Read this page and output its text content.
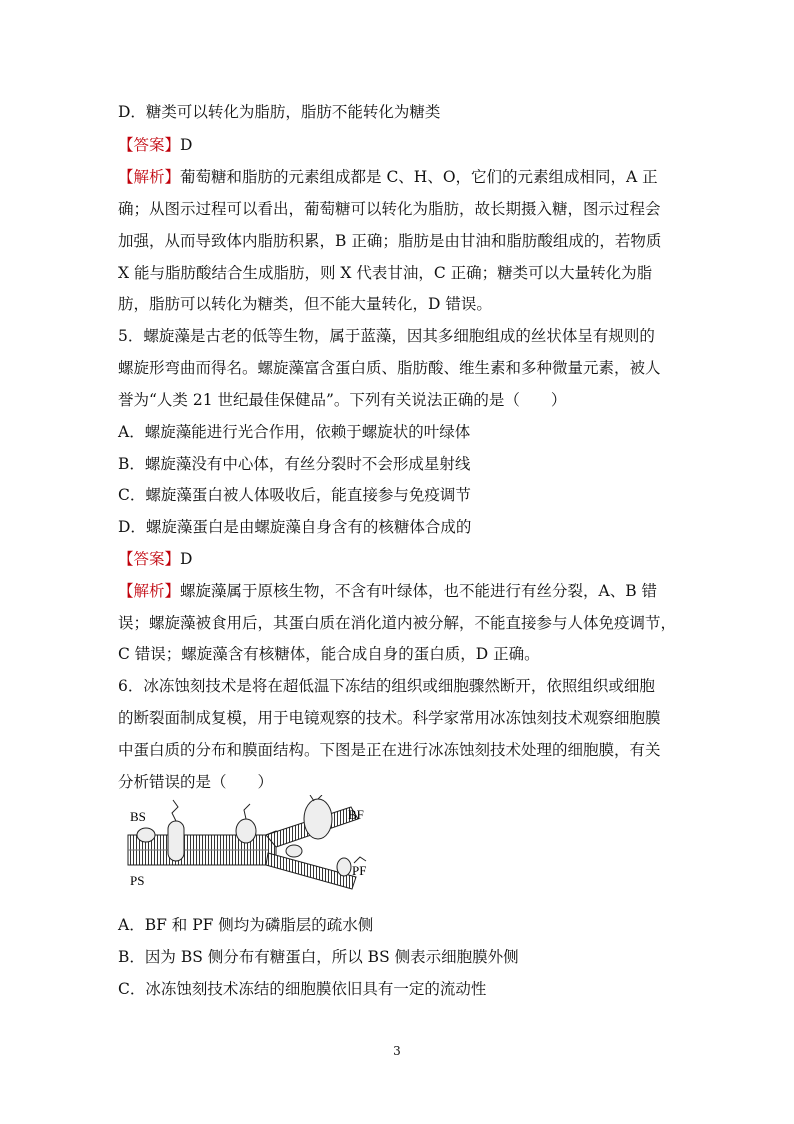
D．糖类可以转化为脂肪，脂肪不能转化为糖类
【答案】D
【解析】葡萄糖和脂肪的元素组成都是 C、H、O，它们的元素组成相同，A 正
确；从图示过程可以看出，葡萄糖可以转化为脂肪，故长期摄入糖，图示过程会
加强，从而导致体内脂肪积累，B 正确；脂肪是由甘油和脂肪酸组成的，若物质
X 能与脂肪酸结合生成脂肪，则 X 代表甘油，C 正确；糖类可以大量转化为脂
肪，脂肪可以转化为糖类，但不能大量转化，D 错误。
5．螺旋藻是古老的低等生物，属于蓝藻，因其多细胞组成的丝状体呈有规则的
螺旋形弯曲而得名。螺旋藻富含蛋白质、脂肪酸、维生素和多种微量元素，被人
誉为“人类 21 世纪最佳保健品”。下列有关说法正确的是（　　）
A．螺旋藻能进行光合作用，依赖于螺旋状的叶绿体
B．螺旋藻没有中心体，有丝分裂时不会形成星射线
C．螺旋藻蛋白被人体吸收后，能直接参与免疫调节
D．螺旋藻蛋白是由螺旋藻自身含有的核糖体合成的
【答案】D
【解析】螺旋藻属于原核生物，不含有叶绿体，也不能进行有丝分裂，A、B 错
误；螺旋藻被食用后，其蛋白质在消化道内被分解，不能直接参与人体免疫调节，
C 错误；螺旋藻含有核糖体，能合成自身的蛋白质，D 正确。
6．冰冻蚀刻技术是将在超低温下冻结的组织或细胞骤然断开，依照组织或细胞
的断裂面制成复模，用于电镜观察的技术。科学家常用冰冻蚀刻技术观察细胞膜
中蛋白质的分布和膜面结构。下图是正在进行冰冻蚀刻技术处理的细胞膜，有关
分析错误的是（　　）
BS
PS
BF
PF
A．BF 和 PF 侧均为磷脂层的疏水侧
B．因为 BS 侧分布有糖蛋白，所以 BS 侧表示细胞膜外侧
C．冰冻蚀刻技术冻结的细胞膜依旧具有一定的流动性
3
